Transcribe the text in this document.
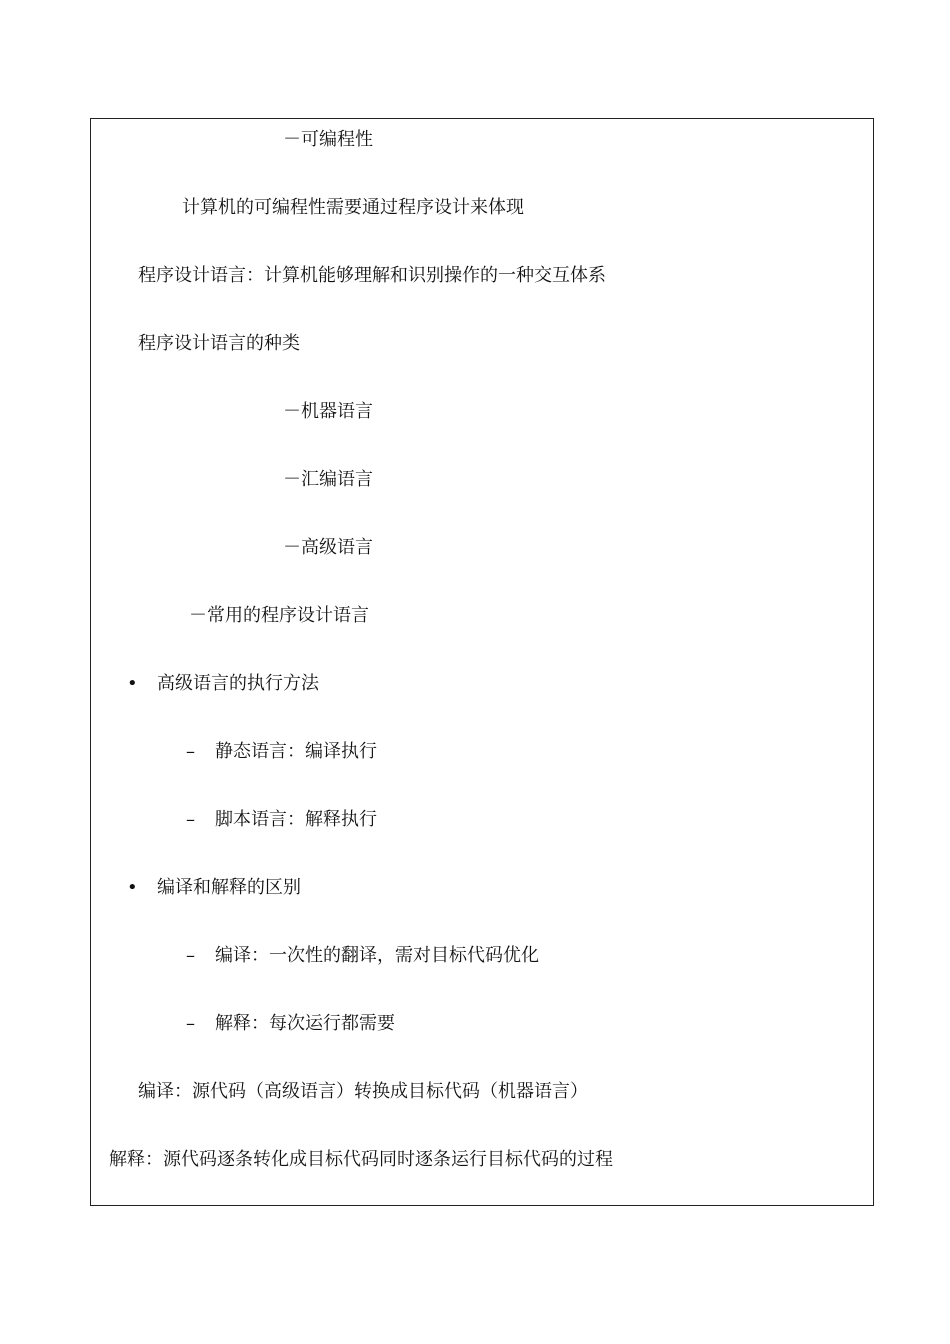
－可编程性
计算机的可编程性需要通过程序设计来体现
程序设计语言：计算机能够理解和识别操作的一种交互体系
程序设计语言的种类
－机器语言
－汇编语言
－高级语言
－常用的程序设计语言
• 高级语言的执行方法
– 静态语言：编译执行
– 脚本语言：解释执行
• 编译和解释的区别
– 编译：一次性的翻译，需对目标代码优化
– 解释：每次运行都需要
编译：源代码（高级语言）转换成目标代码（机器语言）
解释：源代码逐条转化成目标代码同时逐条运行目标代码的过程
